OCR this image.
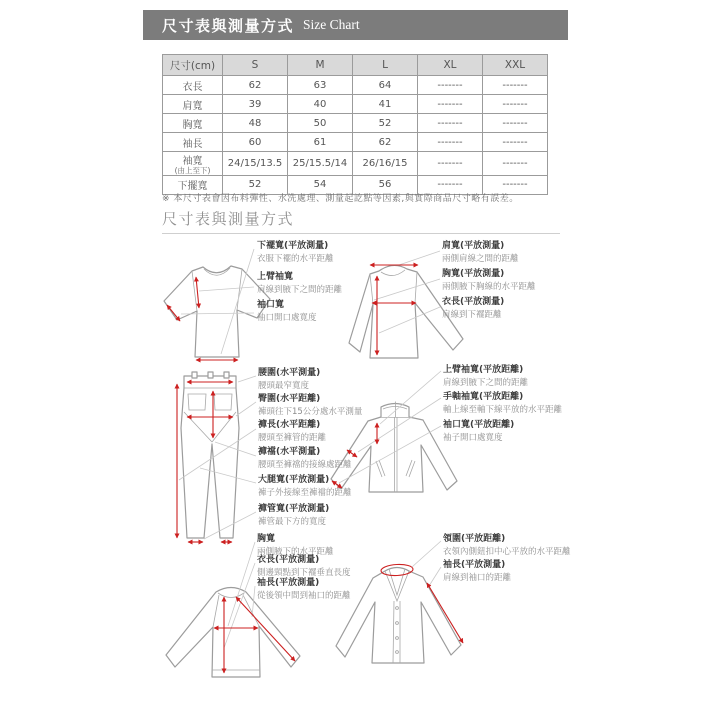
尺寸表與測量方式 Size Chart
尺寸(cm)	S	M	L	XL	XXL
衣長	62	63	64	-------	-------
肩寬	39	40	41	-------	-------
胸寬	48	50	52	-------	-------
袖長	60	61	62	-------	-------
袖寬
(由上至下)	24/15/13.5	25/15.5/14	26/16/15	-------	-------
下擺寬	52	54	56	-------	-------
※ 本尺寸表會因布料彈性、水洗處理、測量起訖點等因素,與實際商品尺寸略有誤差。
尺寸表與測量方式
下襬寬(平放測量)
衣服下襬的水平距離
上臂袖寬
肩線到腋下之間的距離
袖口寬
袖口開口處寬度
肩寬(平放測量)
兩側肩線之間的距離
胸寬(平放測量)
兩側腋下胸線的水平距離
衣長(平放測量)
肩線到下襬距離
腰圍(水平測量)
腰頭最窄寬度
臀圍(水平距離)
褲頭往下15公分處水平測量
褲長(水平距離)
腰頭至褲管的距離
褲襠(水平測量)
腰頭至褲襠的接線處距離
大腿寬(平放測量)
褲子外接線至褲襠的距離
褲管寬(平放測量)
褲管最下方的寬度
上臂袖寬(平放距離)
肩線到腋下之間的距離
手軸袖寬(平放距離)
軸上線至軸下線平放的水平距離
袖口寬(平放距離)
袖子開口處寬度
胸寬
兩側腋下的水平距離
衣長(平放測量)
側邊頸點到下襬垂直長度
袖長(平放測量)
從後領中間到袖口的距離
領圍(平放距離)
衣領內側鈕扣中心平放的水平距離
袖長(平放測量)
肩線到袖口的距離
